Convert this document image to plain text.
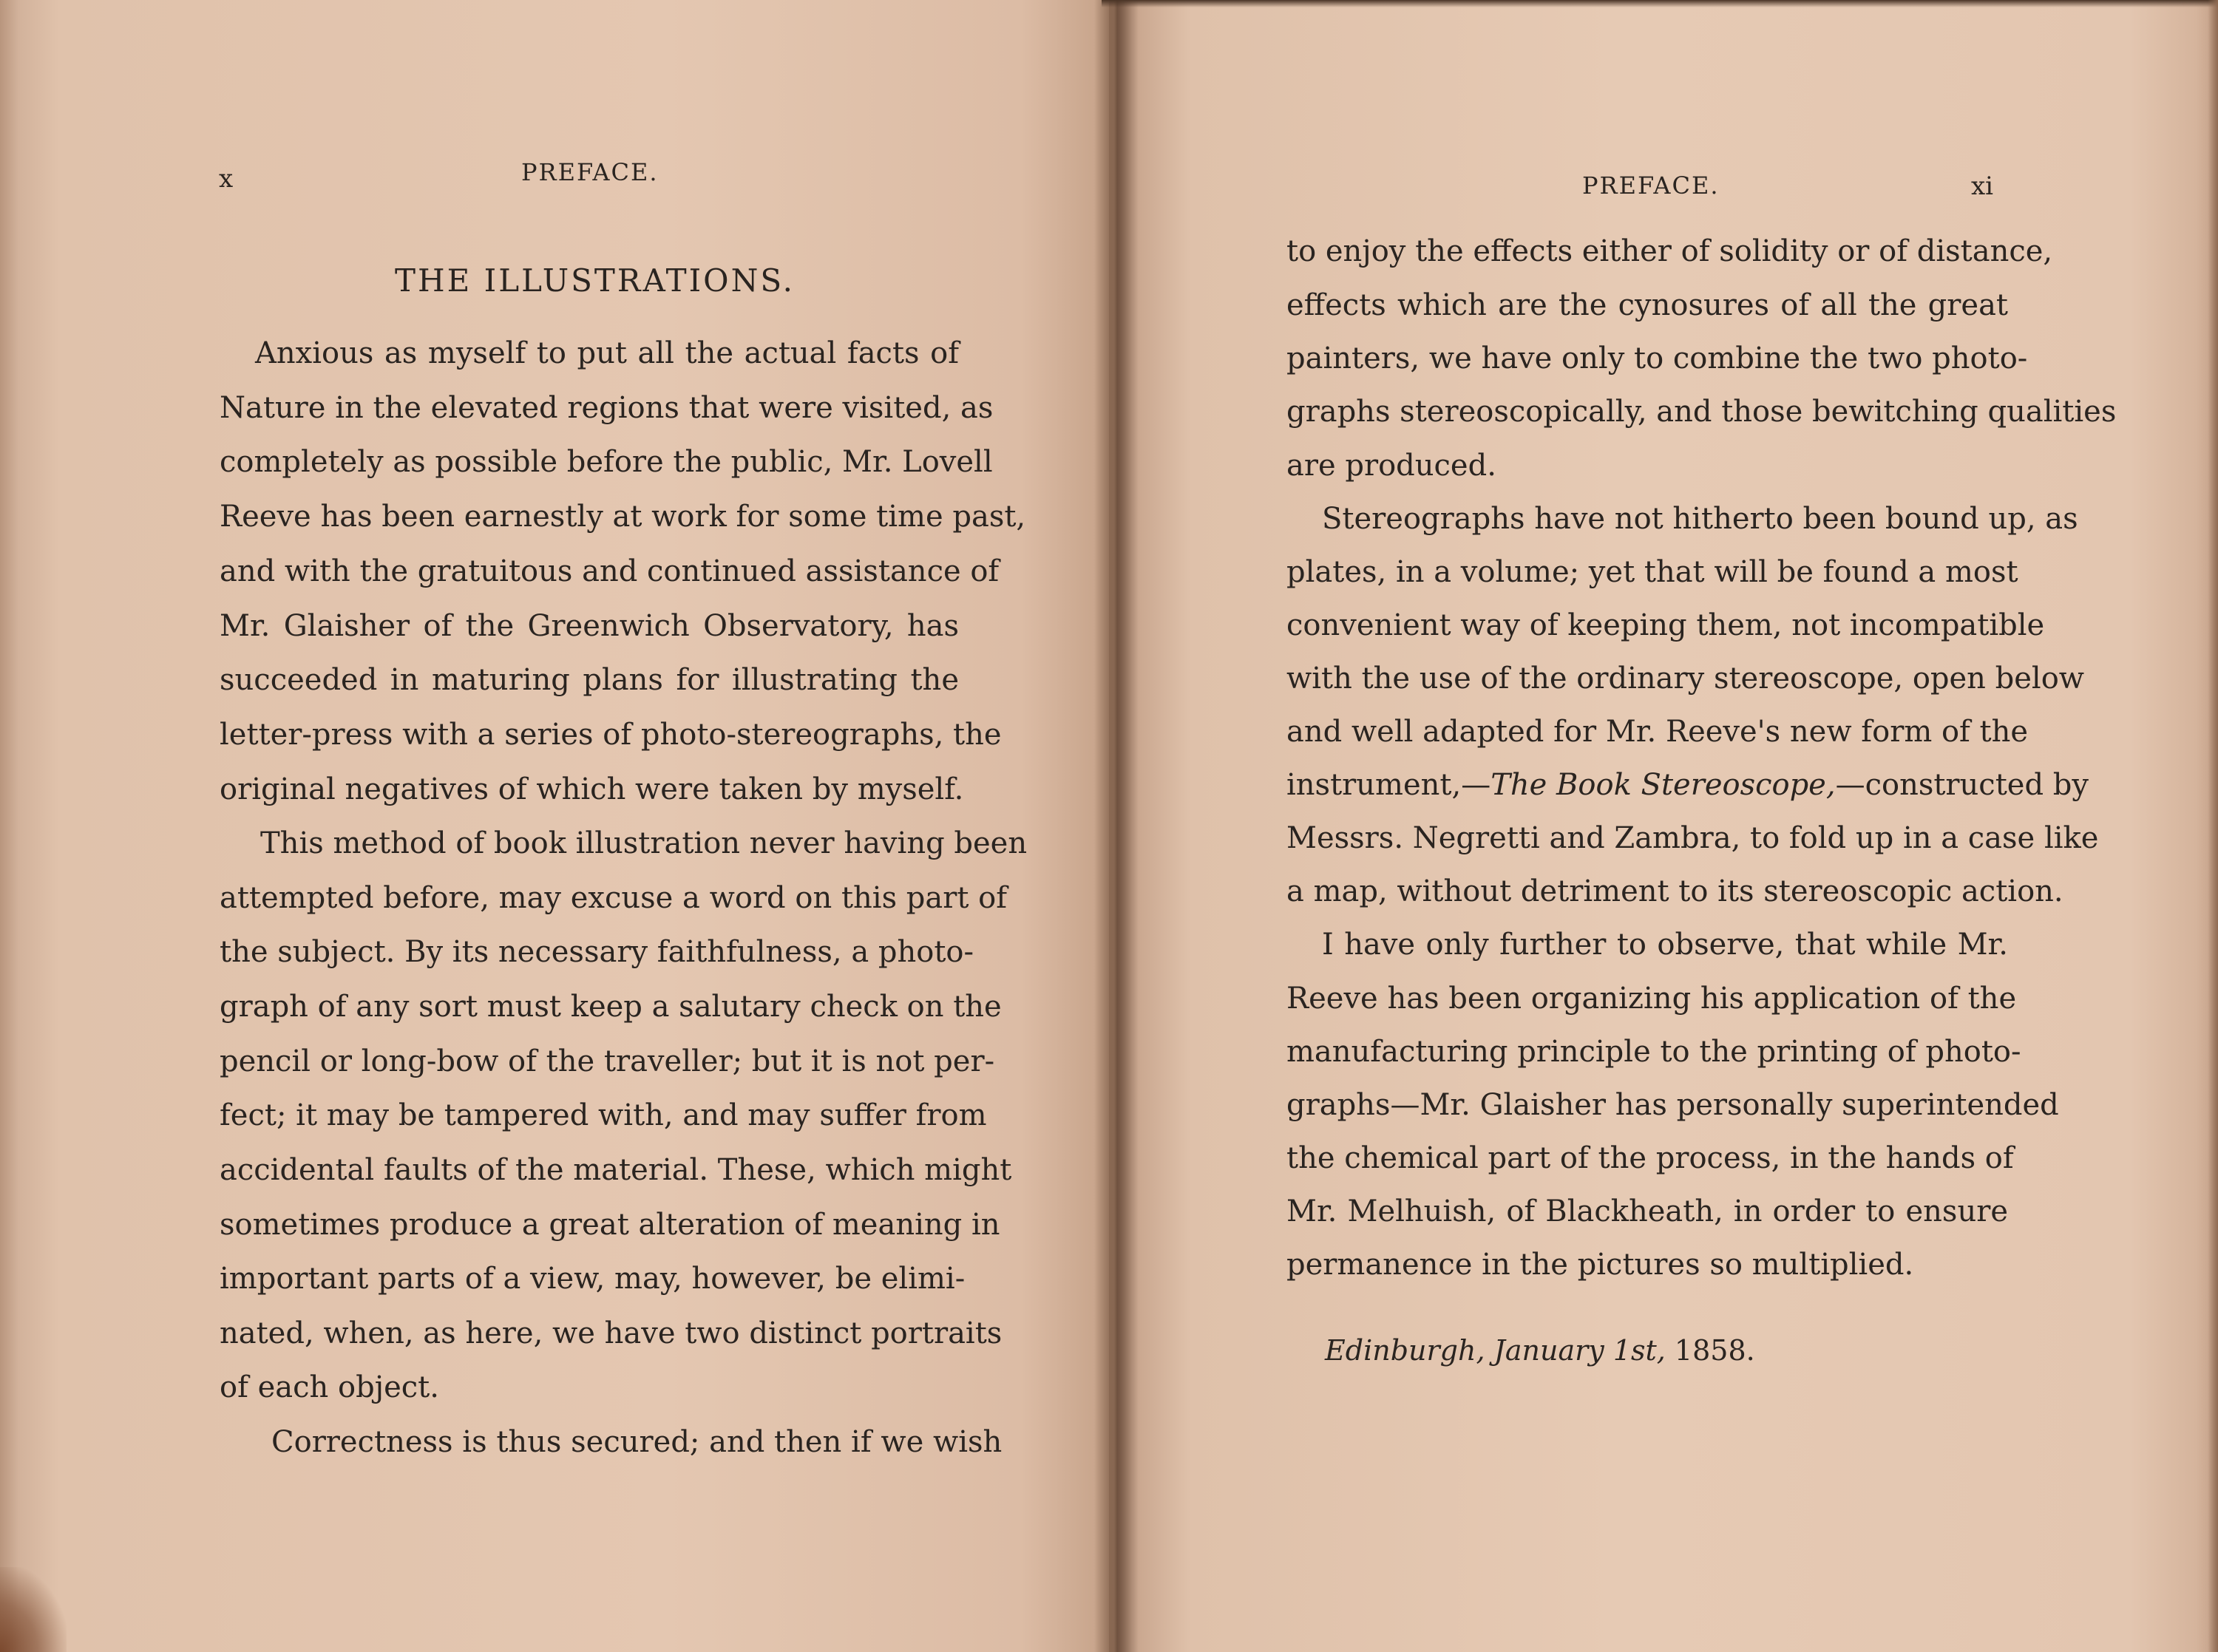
x	PREFACE.
THE ILLUSTRATIONS.
Anxious as myself to put all the actual facts of
Nature in the elevated regions that were visited, as
completely as possible before the public, Mr. Lovell
Reeve has been earnestly at work for some time past,
and with the gratuitous and continued assistance of
Mr. Glaisher of the Greenwich Observatory, has
succeeded in maturing plans for illustrating the
letter-press with a series of photo-stereographs, the
original negatives of which were taken by myself.
This method of book illustration never having been
attempted before, may excuse a word on this part of
the subject. By its necessary faithfulness, a photo-
graph of any sort must keep a salutary check on the
pencil or long-bow of the traveller; but it is not per-
fect; it may be tampered with, and may suffer from
accidental faults of the material. These, which might
sometimes produce a great alteration of meaning in
important parts of a view, may, however, be elimi-
nated, when, as here, we have two distinct portraits
of each object.
Correctness is thus secured; and then if we wish
PREFACE.	xi
to enjoy the effects either of solidity or of distance,
effects which are the cynosures of all the great
painters, we have only to combine the two photo-
graphs stereoscopically, and those bewitching qualities
are produced.
Stereographs have not hitherto been bound up, as
plates, in a volume; yet that will be found a most
convenient way of keeping them, not incompatible
with the use of the ordinary stereoscope, open below
and well adapted for Mr. Reeve's new form of the
instrument,—The Book Stereoscope,—constructed by
Messrs. Negretti and Zambra, to fold up in a case like
a map, without detriment to its stereoscopic action.
I have only further to observe, that while Mr.
Reeve has been organizing his application of the
manufacturing principle to the printing of photo-
graphs—Mr. Glaisher has personally superintended
the chemical part of the process, in the hands of
Mr. Melhuish, of Blackheath, in order to ensure
permanence in the pictures so multiplied.
Edinburgh, January 1st, 1858.
